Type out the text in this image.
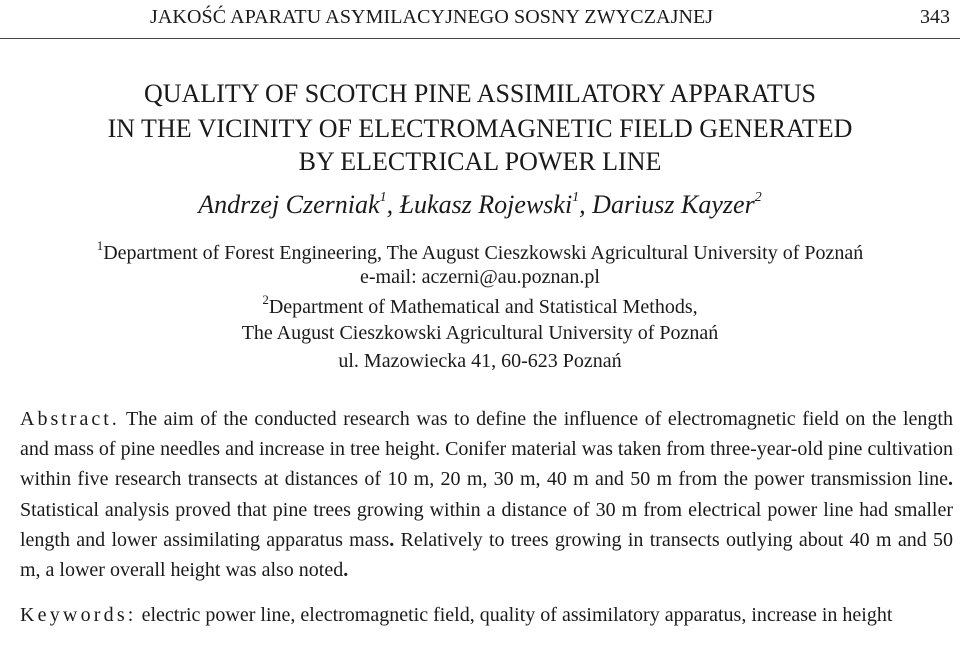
JAKOŚĆ APARATU ASYMILACYJNEGO SOSNY ZWYCZAJNEJ	343
QUALITY OF SCOTCH PINE ASSIMILATORY APPARATUS
IN THE VICINITY OF ELECTROMAGNETIC FIELD GENERATED
BY ELECTRICAL POWER LINE
Andrzej Czerniak$^1$, Łukasz Rojewski$^1$, Dariusz Kayzer$^2$
$^1$Department of Forest Engineering, The August Cieszkowski Agricultural University of Poznań
e-mail: aczerni@au.poznan.pl
$^2$Department of Mathematical and Statistical Methods,
The August Cieszkowski Agricultural University of Poznań
ul. Mazowiecka 41, 60-623 Poznań
Abstract. The aim of the conducted research was to define the influence of electromagnetic field on the length and mass of pine needles and increase in tree height. Conifer material was taken from three-year-old pine cultivation within five research transects at distances of 10 m, 20 m, 30 m, 40 m and 50 m from the power transmission line. Statistical analysis proved that pine trees growing within a distance of 30 m from electrical power line had smaller length and lower assimilating apparatus mass. Relatively to trees growing in transects outlying about 40 m and 50 m, a lower overall height was also noted.
Keywords: electric power line, electromagnetic field, quality of assimilatory apparatus, increase in height
